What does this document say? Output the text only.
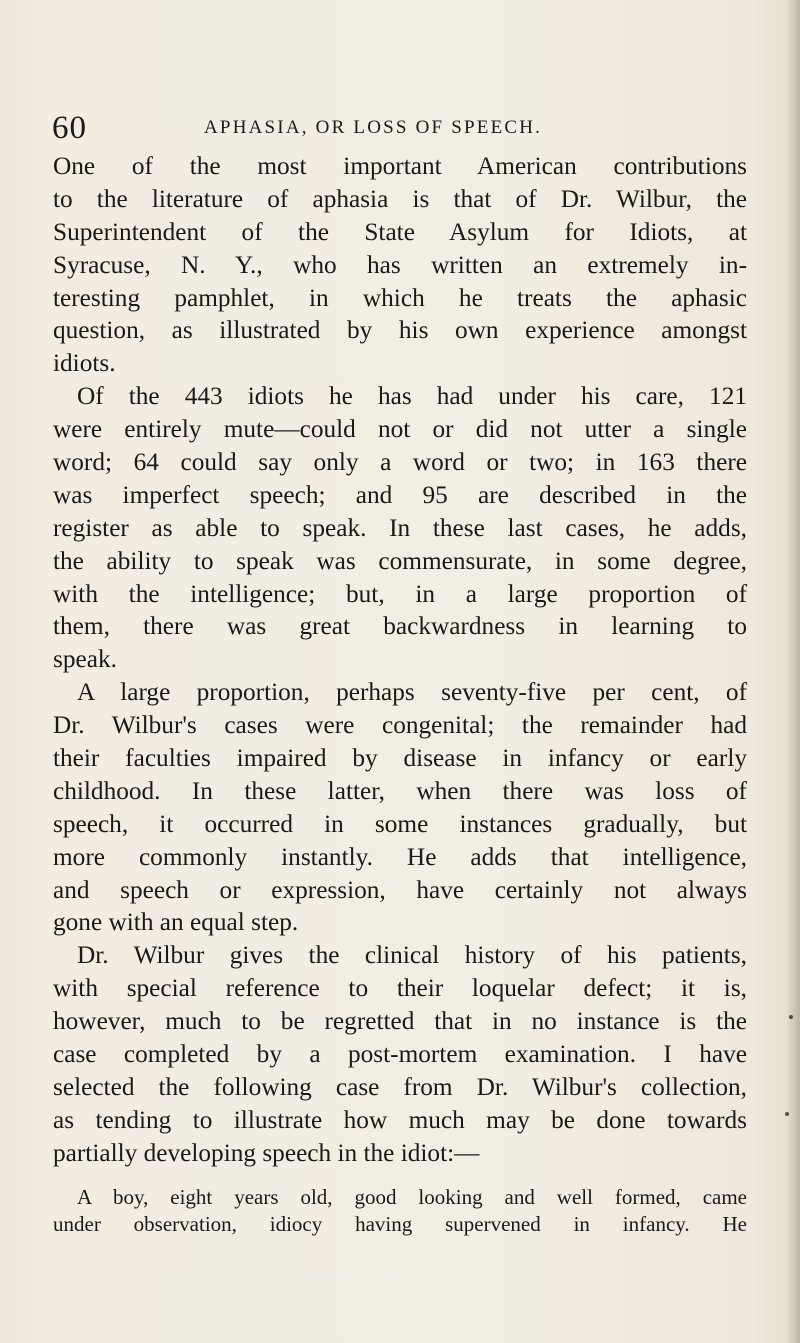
60	APHASIA, OR LOSS OF SPEECH.
One of the most important American contributions
to the literature of aphasia is that of Dr. Wilbur, the
Superintendent of the State Asylum for Idiots, at
Syracuse, N. Y., who has written an extremely in-
teresting pamphlet, in which he treats the aphasic
question, as illustrated by his own experience amongst
idiots.
Of the 443 idiots he has had under his care, 121
were entirely mute—could not or did not utter a single
word; 64 could say only a word or two; in 163 there
was imperfect speech; and 95 are described in the
register as able to speak. In these last cases, he adds,
the ability to speak was commensurate, in some degree,
with the intelligence; but, in a large proportion of
them, there was great backwardness in learning to
speak.
A large proportion, perhaps seventy-five per cent, of
Dr. Wilbur's cases were congenital; the remainder had
their faculties impaired by disease in infancy or early
childhood. In these latter, when there was loss of
speech, it occurred in some instances gradually, but
more commonly instantly. He adds that intelligence,
and speech or expression, have certainly not always
gone with an equal step.
Dr. Wilbur gives the clinical history of his patients,
with special reference to their loquelar defect; it is,
however, much to be regretted that in no instance is the
case completed by a post-mortem examination. I have
selected the following case from Dr. Wilbur's collection,
as tending to illustrate how much may be done towards
partially developing speech in the idiot:—
A boy, eight years old, good looking and well formed, came
under observation, idiocy having supervened in infancy. He
